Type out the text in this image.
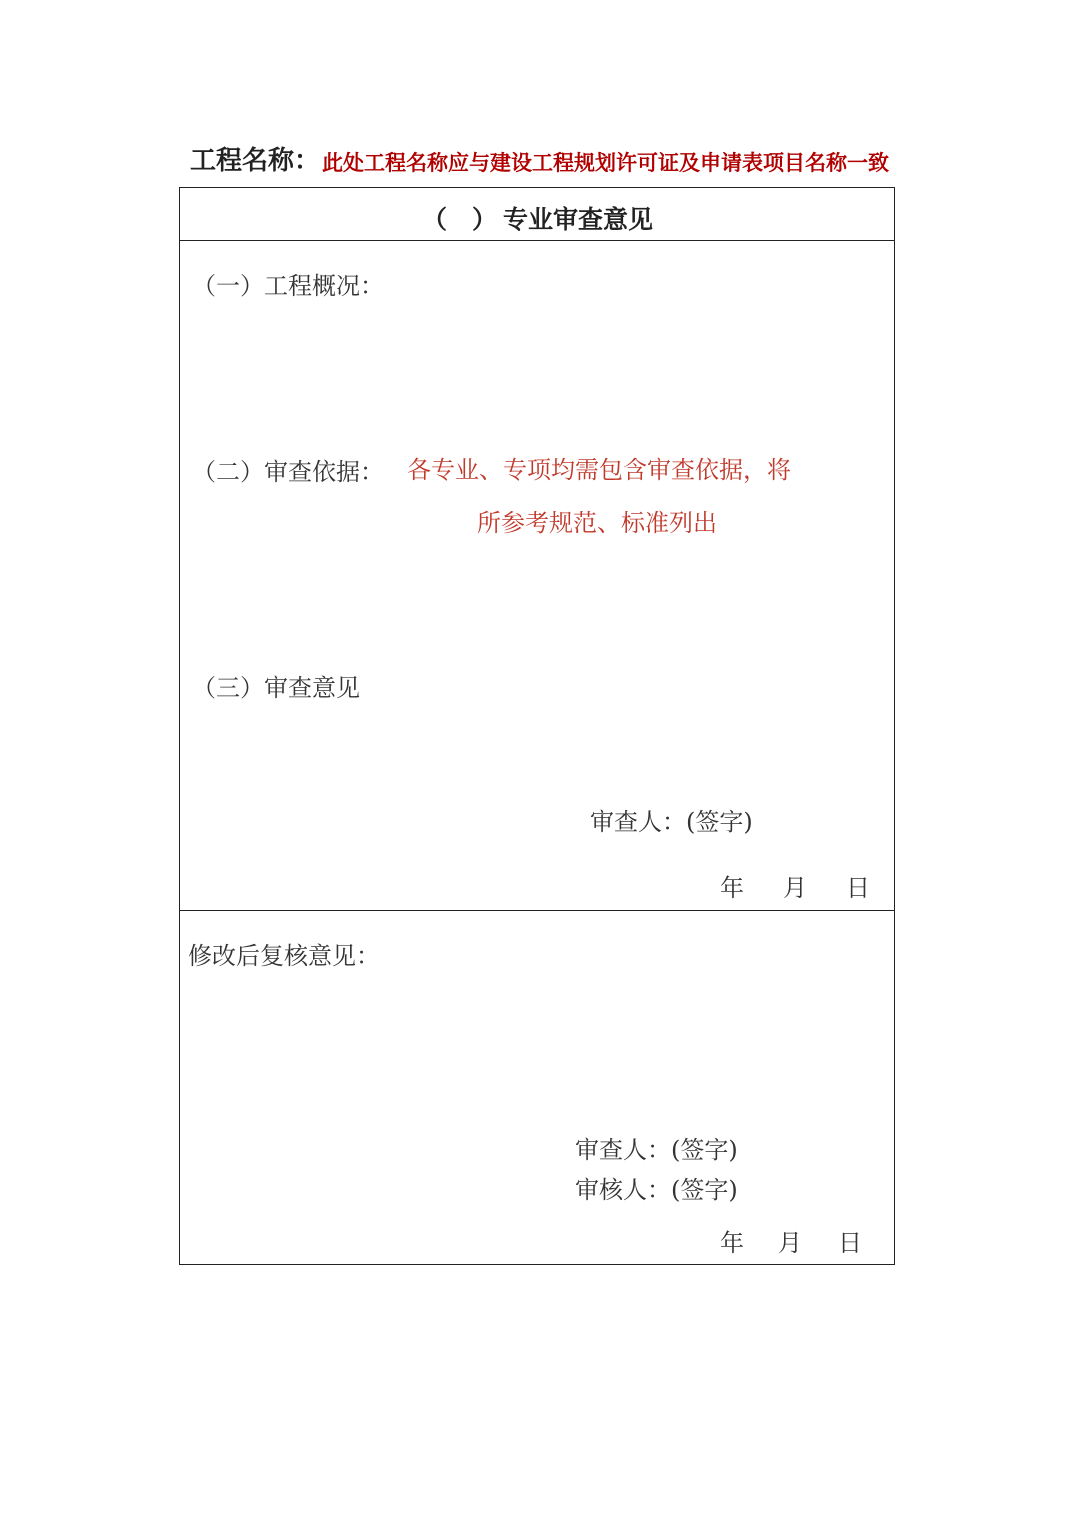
工程名称： 此处工程名称应与建设工程规划许可证及申请表项目名称一致
（ ） 专业审查意见
（一）工程概况：
（二）审查依据： 各专业、专项均需包含审查依据，将
所参考规范、标准列出
（三）审查意见
审查人：(签字)
年 月 日
修改后复核意见：
审查人：(签字)
审核人：(签字)
年 月 日
